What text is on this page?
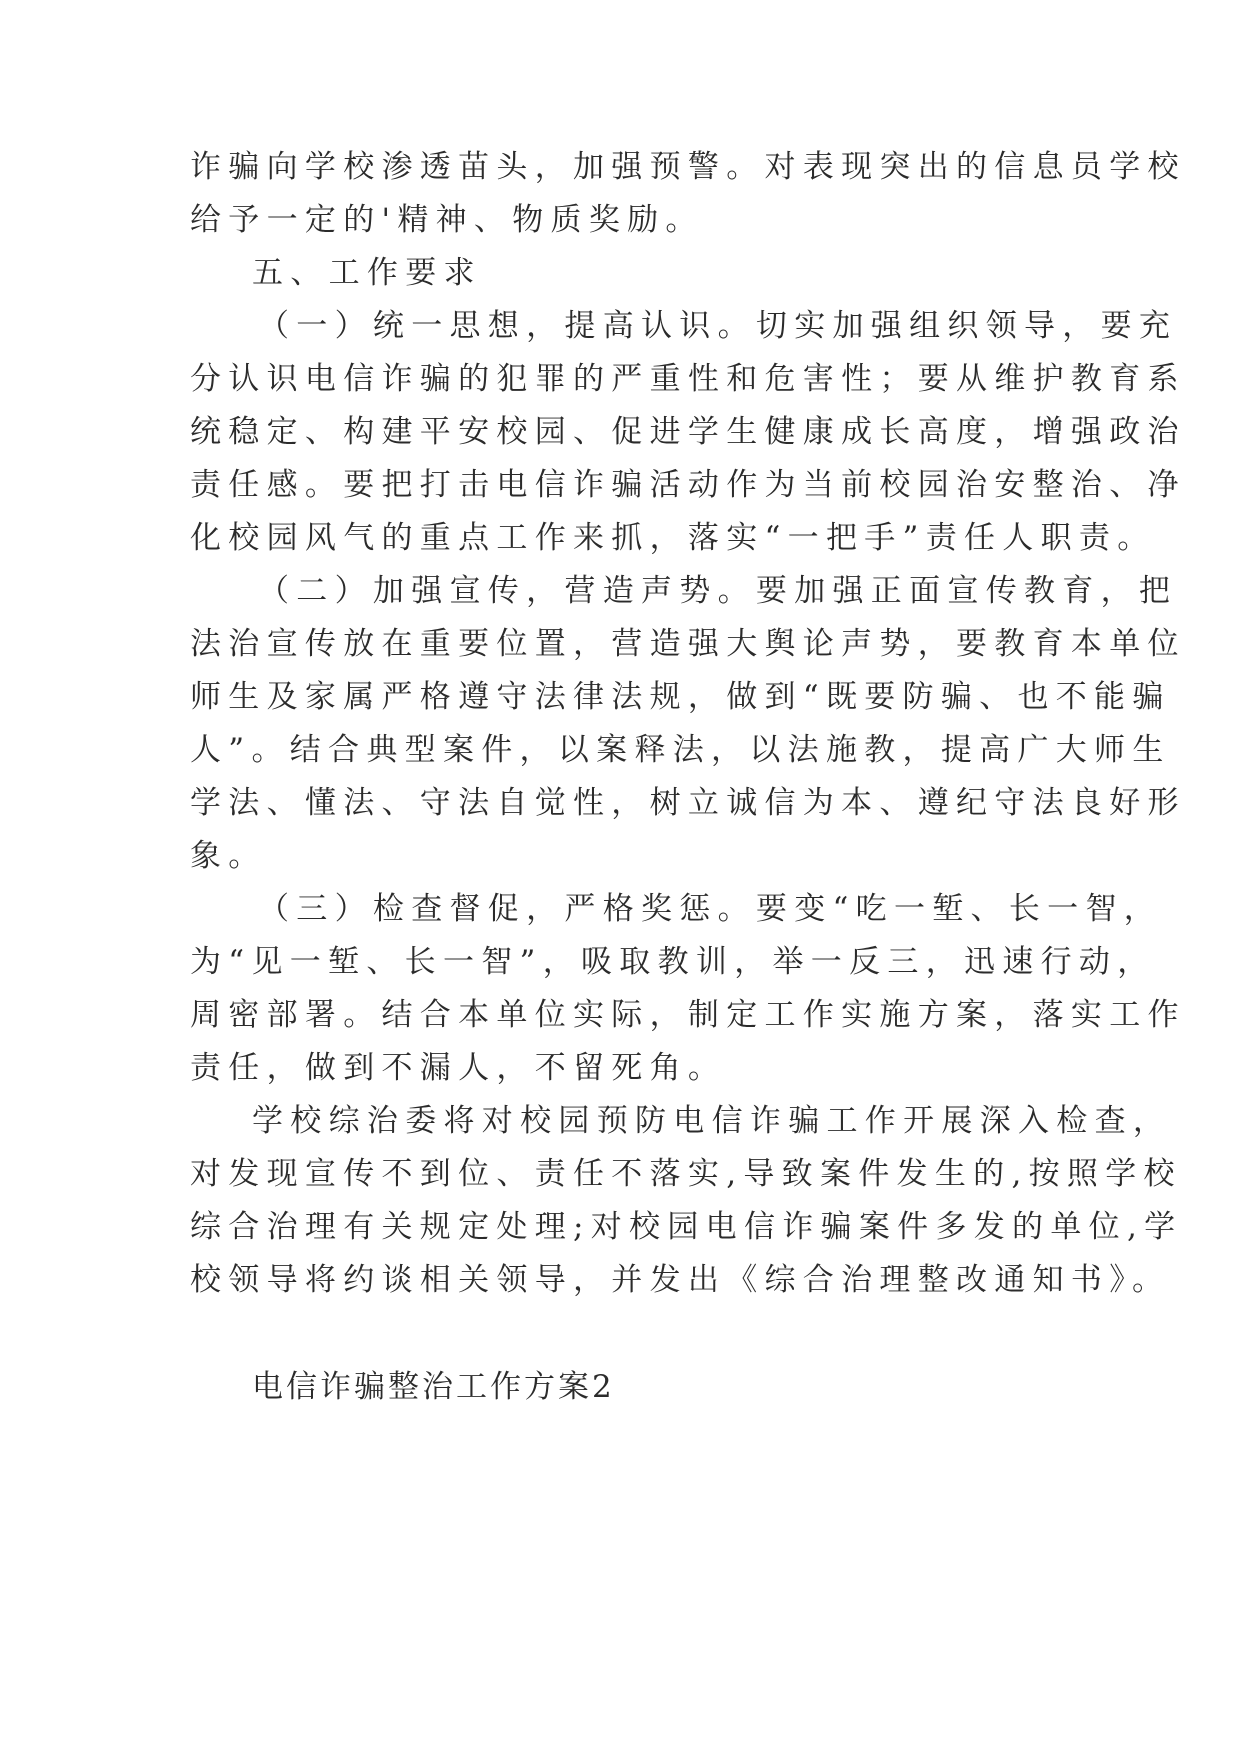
诈骗向学校渗透苗头，加强预警。对表现突出的信息员学校
给予一定的'精神、物质奖励。
五、工作要求
（一）统一思想，提高认识。切实加强组织领导，要充
分认识电信诈骗的犯罪的严重性和危害性；要从维护教育系
统稳定、构建平安校园、促进学生健康成长高度，增强政治
责任感。要把打击电信诈骗活动作为当前校园治安整治、净
化校园风气的重点工作来抓，落实“一把手”责任人职责。
（二）加强宣传，营造声势。要加强正面宣传教育，把
法治宣传放在重要位置，营造强大舆论声势，要教育本单位
师生及家属严格遵守法律法规，做到“既要防骗、也不能骗
人”。结合典型案件，以案释法，以法施教，提高广大师生
学法、懂法、守法自觉性，树立诚信为本、遵纪守法良好形
象。
（三）检查督促，严格奖惩。要变“吃一堑、长一智，
为“见一堑、长一智”，吸取教训，举一反三，迅速行动，
周密部署。结合本单位实际，制定工作实施方案，落实工作
责任，做到不漏人，不留死角。
学校综治委将对校园预防电信诈骗工作开展深入检查，
对发现宣传不到位、责任不落实,导致案件发生的,按照学校
综合治理有关规定处理;对校园电信诈骗案件多发的单位,学
校领导将约谈相关领导，并发出《综合治理整改通知书》。
电信诈骗整治工作方案2
